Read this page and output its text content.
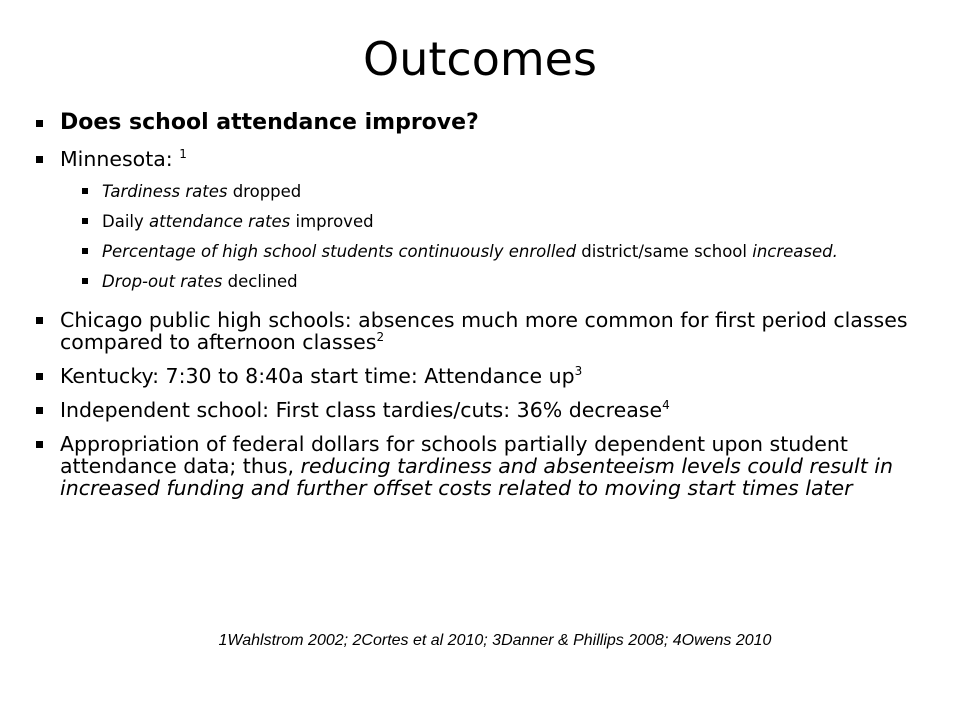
Outcomes
Does school attendance improve?
Minnesota: $^1$
Tardiness rates dropped
Daily attendance rates improved
Percentage of high school students continuously enrolled district/same school increased.
Drop-out rates declined
Chicago public high schools: absences much more common for first period classes compared to afternoon classes$^2$
Kentucky: 7:30 to 8:40a start time: Attendance $up^3$
Independent school: First class tardies/cuts: 36% decrease$^4$
Appropriation of federal dollars for schools partially dependent upon student attendance data; thus, reducing tardiness and absenteeism levels could result in increased funding and further offset costs related to moving start times later
1Wahlstrom 2002; 2Cortes et al 2010; 3Danner & Phillips 2008; 4Owens 2010
